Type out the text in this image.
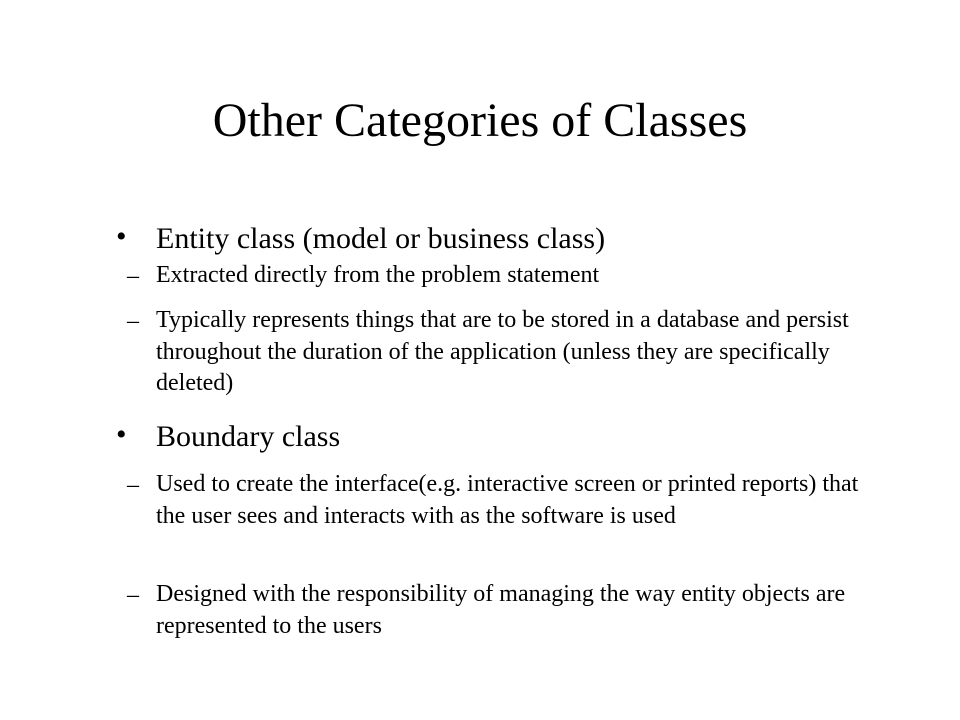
Other Categories of Classes
• Entity class (model or business class)
– Extracted directly from the problem statement
– Typically represents things that are to be stored in a database and persist throughout the duration of the application (unless they are specifically deleted)
• Boundary class
– Used to create the interface(e.g. interactive screen or printed reports) that the user sees and interacts with as the software is used
– Designed with the responsibility of managing the way entity objects are represented to the users
